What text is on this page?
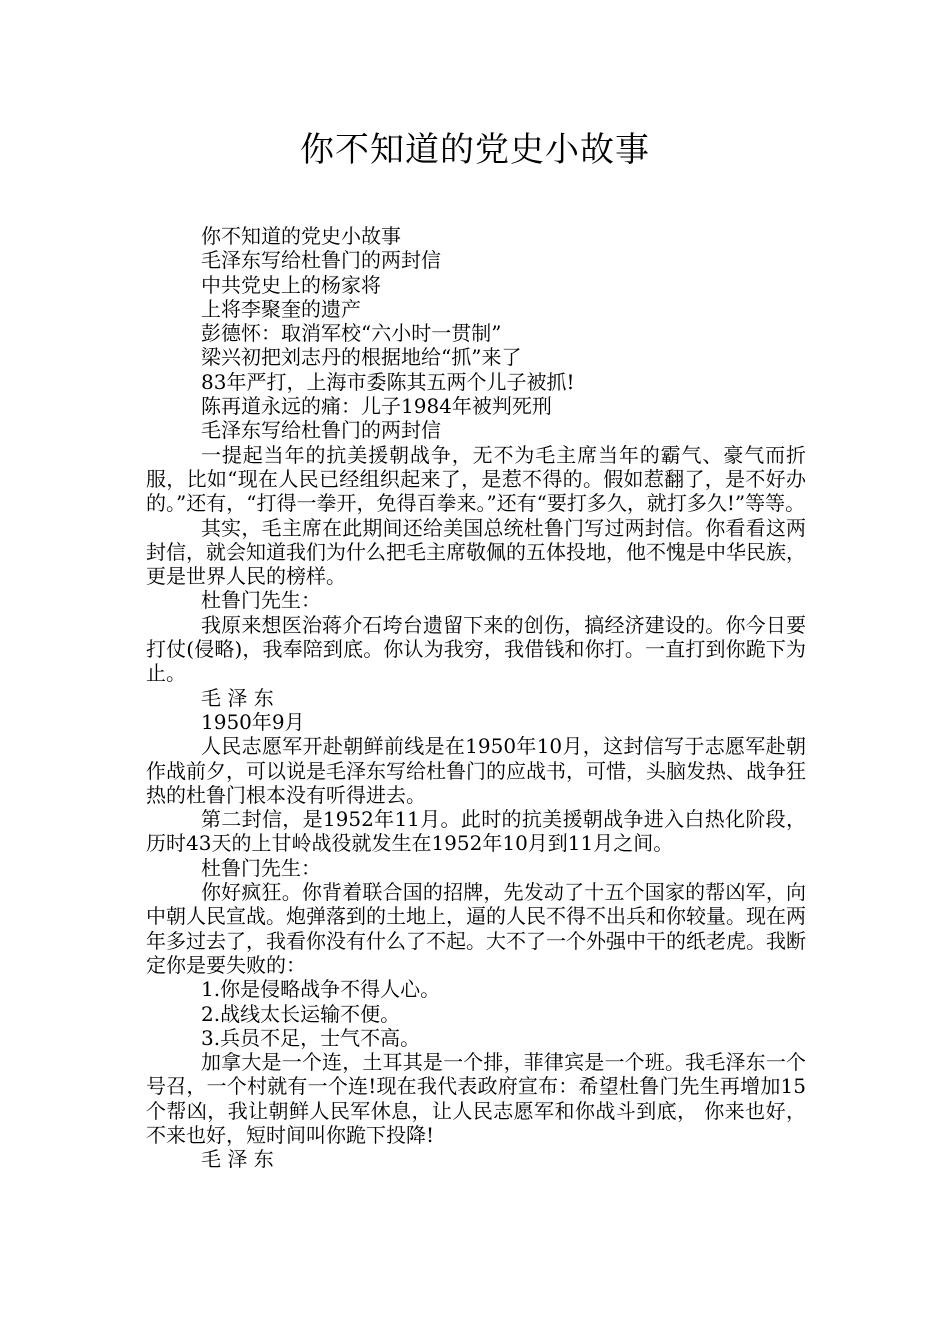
你不知道的党史小故事

你不知道的党史小故事

毛泽东写给杜鲁门的两封信

中共党史上的杨家将

上将李聚奎的遗产

彭德怀：取消军校“六小时一贯制”

梁兴初把刘志丹的根据地给“抓”来了

83年严打，上海市委陈其五两个儿子被抓!

陈再道永远的痛：儿子1984年被判死刑

毛泽东写给杜鲁门的两封信

一提起当年的抗美援朝战争，无不为毛主席当年的霸气、豪气而折服，比如“现在人民已经组织起来了，是惹不得的。假如惹翻了，是不好办的。”还有，“打得一拳开，免得百拳来。”还有“要打多久，就打多久!”等等。

其实，毛主席在此期间还给美国总统杜鲁门写过两封信。你看看这两封信，就会知道我们为什么把毛主席敬佩的五体投地，他不愧是中华民族，更是世界人民的榜样。

杜鲁门先生：

我原来想医治蒋介石垮台遗留下来的创伤，搞经济建设的。你今日要打仗(侵略)，我奉陪到底。你认为我穷，我借钱和你打。一直打到你跪下为止。

毛 泽 东

1950年9月

人民志愿军开赴朝鲜前线是在1950年10月，这封信写于志愿军赴朝作战前夕，可以说是毛泽东写给杜鲁门的应战书，可惜，头脑发热、战争狂热的杜鲁门根本没有听得进去。

第二封信，是1952年11月。此时的抗美援朝战争进入白热化阶段，历时43天的上甘岭战役就发生在1952年10月到11月之间。

杜鲁门先生：

你好疯狂。你背着联合国的招牌，先发动了十五个国家的帮凶军，向中朝人民宣战。炮弹落到的土地上，逼的人民不得不出兵和你较量。现在两年多过去了，我看你没有什么了不起。大不了一个外强中干的纸老虎。我断定你是要失败的：

1.你是侵略战争不得人心。

2.战线太长运输不便。

3.兵员不足，士气不高。

加拿大是一个连，土耳其是一个排，菲律宾是一个班。我毛泽东一个号召，一个村就有一个连!现在我代表政府宣布：希望杜鲁门先生再增加15个帮凶，我让朝鲜人民军休息，让人民志愿军和你战斗到底， 你来也好，不来也好，短时间叫你跪下投降!

毛 泽 东
